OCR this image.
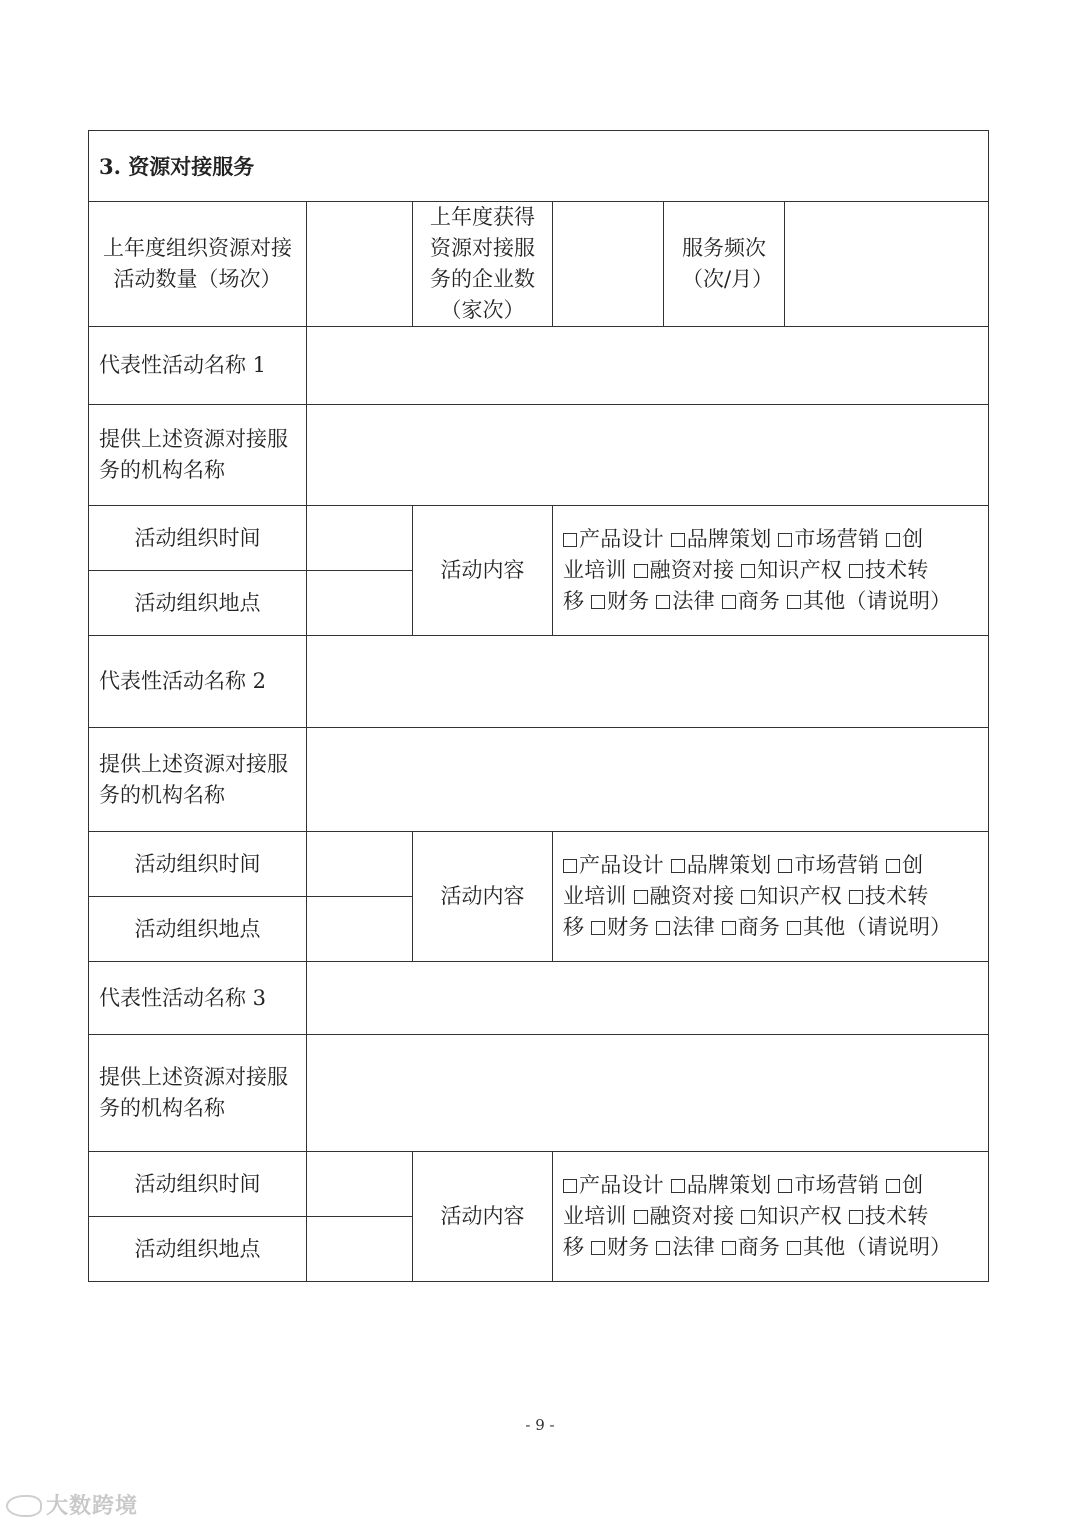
3. 资源对接服务					
上年度组织资源对接活动数量（场次）		上年度获得资源对接服务的企业数（家次）		服务频次（次/月）	
代表性活动名称 1					
提供上述资源对接服务的机构名称					
活动组织时间		活动内容	产品设计 品牌策划 市场营销 创
业培训 融资对接 知识产权 技术转
移 财务 法律 商务 其他（请说明）		

活动组织地点					
代表性活动名称 2					
提供上述资源对接服务的机构名称					
活动组织时间		活动内容	产品设计 品牌策划 市场营销 创
业培训 融资对接 知识产权 技术转
移 财务 法律 商务 其他（请说明）		

活动组织地点					
代表性活动名称 3					
提供上述资源对接服务的机构名称					
活动组织时间		活动内容	产品设计 品牌策划 市场营销 创
业培训 融资对接 知识产权 技术转
移 财务 法律 商务 其他（请说明）		

活动组织地点					
- 9 -
大数跨境
